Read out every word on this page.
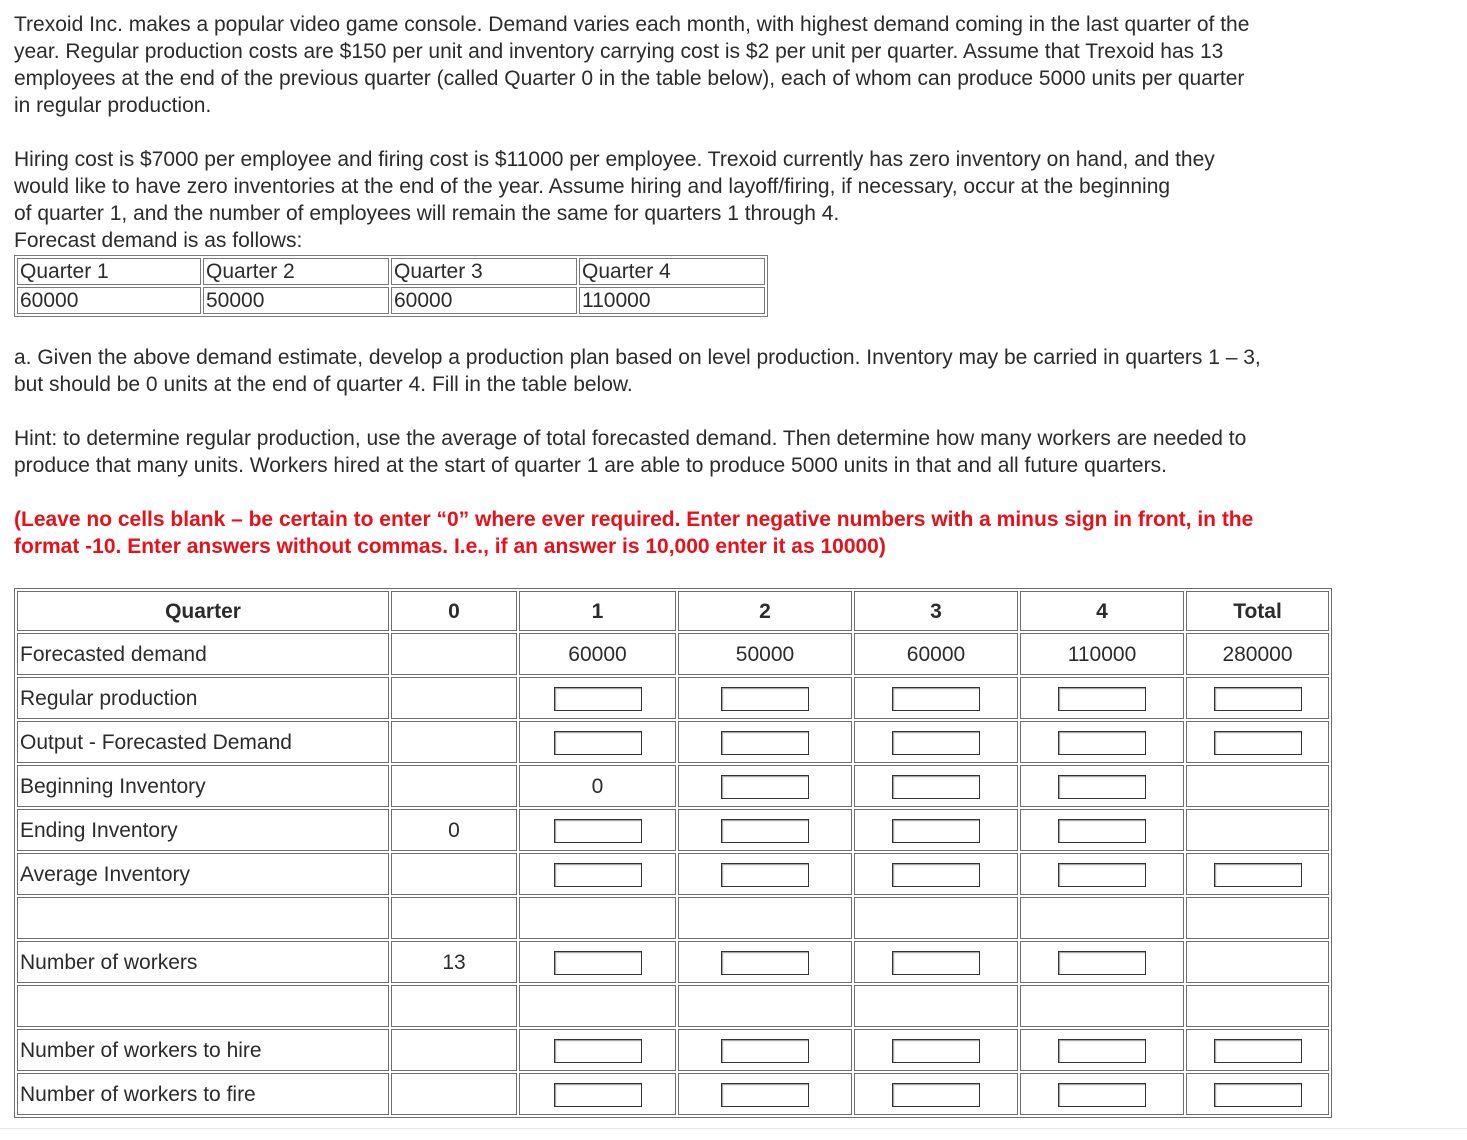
Trexoid Inc. makes a popular video game console. Demand varies each month, with highest demand coming in the last quarter of the
year. Regular production costs are $150 per unit and inventory carrying cost is $2 per unit per quarter. Assume that Trexoid has 13
employees at the end of the previous quarter (called Quarter 0 in the table below), each of whom can produce 5000 units per quarter
in regular production.

Hiring cost is $7000 per employee and firing cost is $11000 per employee. Trexoid currently has zero inventory on hand, and they
would like to have zero inventories at the end of the year. Assume hiring and layoff/firing, if necessary, occur at the beginning
of quarter 1, and the number of employees will remain the same for quarters 1 through 4.
Forecast demand is as follows:

Quarter 1	Quarter 2	Quarter 3	Quarter 4
60000	50000	60000	110000

a. Given the above demand estimate, develop a production plan based on level production. Inventory may be carried in quarters 1 – 3,
but should be 0 units at the end of quarter 4. Fill in the table below.

Hint: to determine regular production, use the average of total forecasted demand. Then determine how many workers are needed to
produce that many units. Workers hired at the start of quarter 1 are able to produce 5000 units in that and all future quarters.

(Leave no cells blank – be certain to enter “0” where ever required. Enter negative numbers with a minus sign in front, in the
format -10. Enter answers without commas. I.e., if an answer is 10,000 enter it as 10000)

Quarter	0	1	2	3	4	Total
Forecasted demand		60000	50000	60000	110000	280000
Regular production						
Output - Forecasted Demand						
Beginning Inventory		0				
Ending Inventory	0					
Average Inventory						

Number of workers	13					

Number of workers to hire						
Number of workers to fire						
